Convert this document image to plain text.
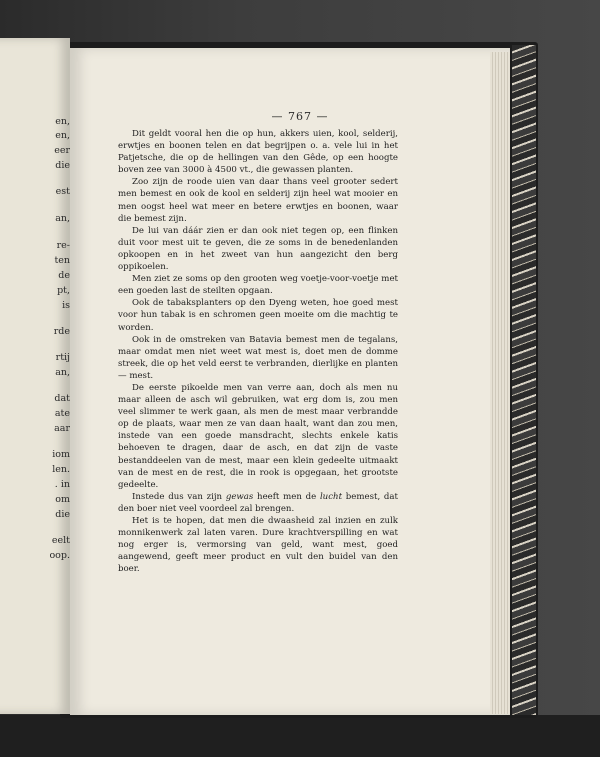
en,
en,
eer
die
est
an,
re-
ten
de
pt,
is
rde
rtij
an,
dat
ate
aar
iom
len.
. in
om
die
eelt
oop.
— 767 —

Dit geldt vooral hen die op hun, akkers uien, kool, selderij, erwtjes en boonen telen en dat begrijpen o. a. vele lui in het Patjetsche, die op de hellingen van den Gêde, op een hoogte boven zee van 3000 à 4500 vt., die gewassen planten.

Zoo zijn de roode uien van daar thans veel grooter sedert men bemest en ook de kool en selderij zijn heel wat mooier en men oogst heel wat meer en betere erwtjes en boonen, waar die bemest zijn.

De lui van dáár zien er dan ook niet tegen op, een flinken duit voor mest uit te geven, die ze soms in de benedenlanden opkoopen en in het zweet van hun aangezicht den berg oppikoelen.

Men ziet ze soms op den grooten weg voetje-voor-voetje met een goeden last de steilten opgaan.

Ook de tabaksplanters op den Dyeng weten, hoe goed mest voor hun tabak is en schromen geen moeite om die machtig te worden.

Ook in de omstreken van Batavia bemest men de tegalans, maar omdat men niet weet wat mest is, doet men de domme streek, die op het veld eerst te verbranden, dierlijke en planten — mest.

De eerste pikoelde men van verre aan, doch als men nu maar alleen de asch wil gebruiken, wat erg dom is, zou men veel slimmer te werk gaan, als men de mest maar verbrandde op de plaats, waar men ze van daan haalt, want dan zou men, instede van een goede mansdracht, slechts enkele katis behoeven te dragen, daar de asch, en dat zijn de vaste bestanddeelen van de mest, maar een klein gedeelte uitmaakt van de mest en de rest, die in rook is opgegaan, het grootste gedeelte.

Instede dus van zijn gewas heeft men de lucht bemest, dat den boer niet veel voordeel zal brengen.

Het is te hopen, dat men die dwaasheid zal inzien en zulk monnikenwerk zal laten varen. Dure krachtverspilling en wat nog erger is, vermorsing van geld, want mest, goed aangewend, geeft meer product en vult den buidel van den boer.
